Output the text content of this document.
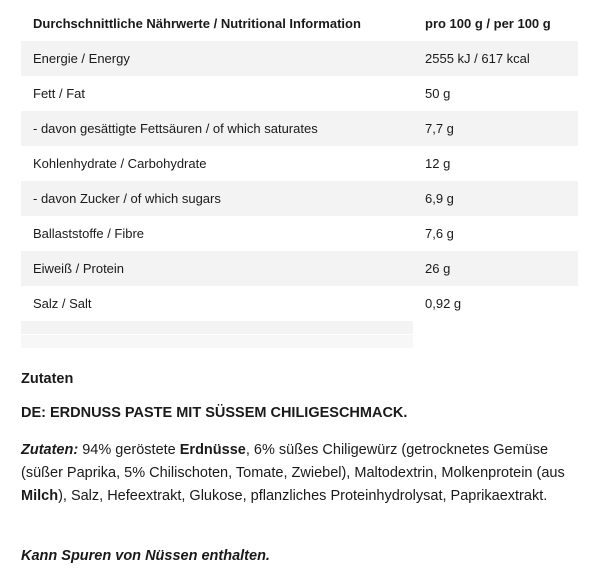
Durchschnittliche Nährwerte / Nutritional Information	pro 100 g / per 100 g
Energie / Energy	2555 kJ / 617 kcal
Fett / Fat	50 g
- davon gesättigte Fettsäuren / of which saturates	7,7 g
Kohlenhydrate / Carbohydrate	12 g
- davon Zucker / of which sugars	6,9 g
Ballaststoffe / Fibre	7,6 g
Eiweiß / Protein	26 g
Salz / Salt	0,92 g
Zutaten
DE: ERDNUSS PASTE MIT SÜSSEM CHILIGESCHMACK.
Zutaten: 94% geröstete Erdnüsse, 6% süßes Chiligewürz (getrocknetes Gemüse (süßer Paprika, 5% Chilischoten, Tomate, Zwiebel), Maltodextrin, Molkenprotein (aus Milch), Salz, Hefeextrakt, Glukose, pflanzliches Proteinhydrolysat, Paprikaextrakt.
Kann Spuren von Nüssen enthalten.
